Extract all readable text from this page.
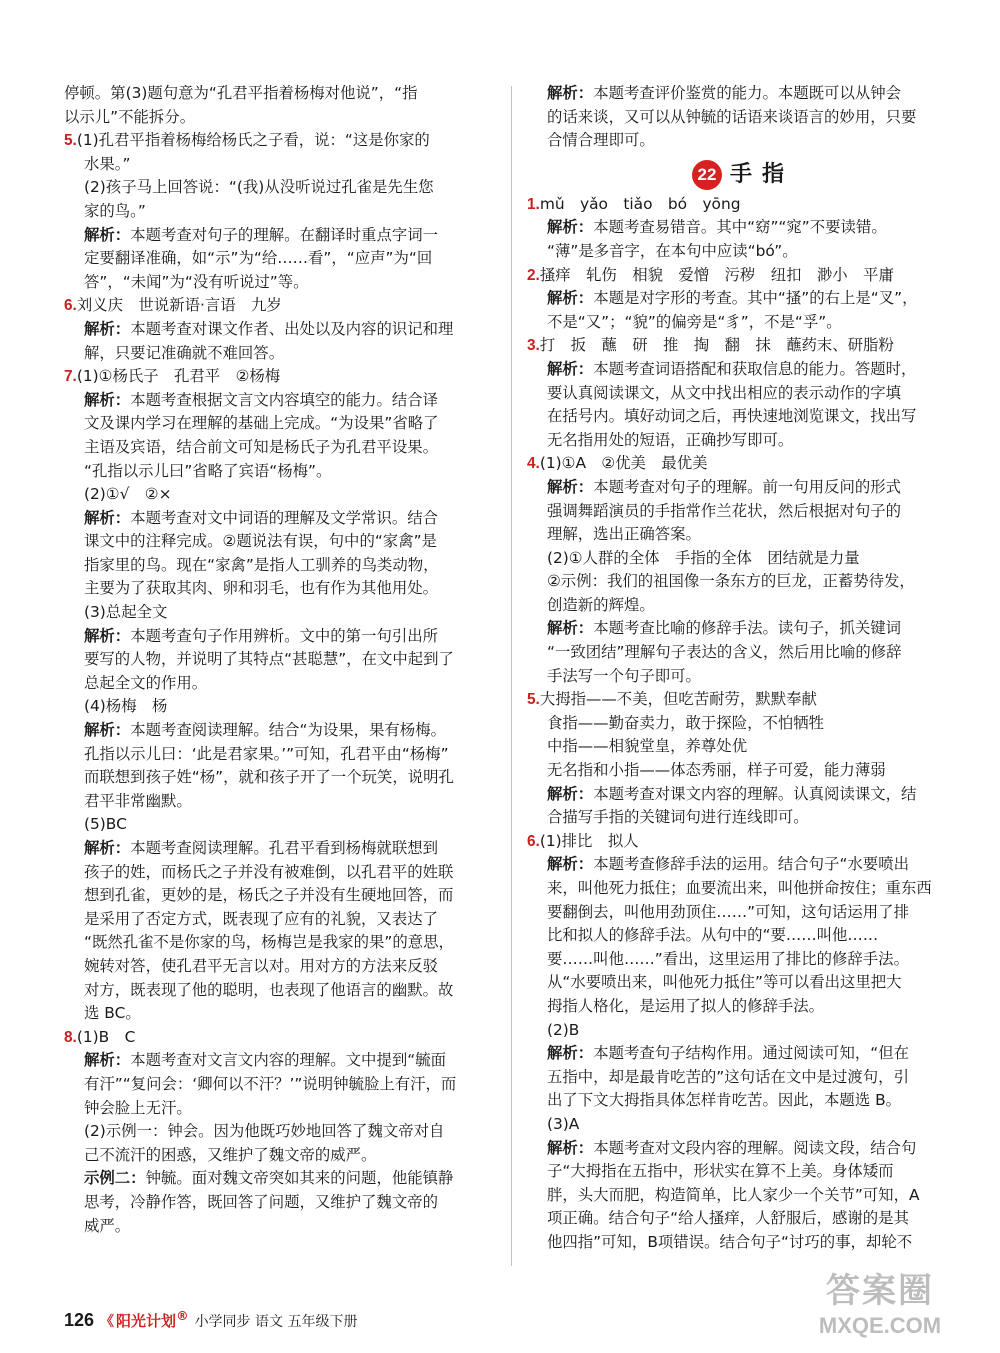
停顿。第(3)题句意为“孔君平指着杨梅对他说”，“指

以示儿”不能拆分。

5.(1)孔君平指着杨梅给杨氏之子看，说：“这是你家的

水果。”

(2)孩子马上回答说：“(我)从没听说过孔雀是先生您

家的鸟。”

解析：本题考查对句子的理解。在翻译时重点字词一

定要翻译准确，如“示”为“给……看”，“应声”为“回

答”，“未闻”为“没有听说过”等。

6.刘义庆　世说新语·言语　九岁

解析：本题考查对课文作者、出处以及内容的识记和理

解，只要记准确就不难回答。

7.(1)①杨氏子　孔君平　②杨梅

解析：本题考查根据文言文内容填空的能力。结合译

文及课内学习在理解的基础上完成。“为设果”省略了

主语及宾语，结合前文可知是杨氏子为孔君平设果。

“孔指以示儿曰”省略了宾语“杨梅”。

(2)①√　②×

解析：本题考查对文中词语的理解及文学常识。结合

课文中的注释完成。②题说法有误，句中的“家禽”是

指家里的鸟。现在“家禽”是指人工驯养的鸟类动物，

主要为了获取其肉、卵和羽毛，也有作为其他用处。

(3)总起全文

解析：本题考查句子作用辨析。文中的第一句引出所

要写的人物，并说明了其特点“甚聪慧”，在文中起到了

总起全文的作用。

(4)杨梅　杨

解析：本题考查阅读理解。结合“为设果，果有杨梅。

孔指以示儿曰：‘此是君家果。’”可知，孔君平由“杨梅”

而联想到孩子姓“杨”，就和孩子开了一个玩笑，说明孔

君平非常幽默。

(5)BC

解析：本题考查阅读理解。孔君平看到杨梅就联想到

孩子的姓，而杨氏之子并没有被难倒，以孔君平的姓联

想到孔雀，更妙的是，杨氏之子并没有生硬地回答，而

是采用了否定方式，既表现了应有的礼貌，又表达了

“既然孔雀不是你家的鸟，杨梅岂是我家的果”的意思，

婉转对答，使孔君平无言以对。用对方的方法来反驳

对方，既表现了他的聪明，也表现了他语言的幽默。故

选 BC。

8.(1)B　C

解析：本题考查对文言文内容的理解。文中提到“毓面

有汗”“复问会：‘卿何以不汗？’”说明钟毓脸上有汗，而

钟会脸上无汗。

(2)示例一：钟会。因为他既巧妙地回答了魏文帝对自

己不流汗的困惑，又维护了魏文帝的威严。

示例二：钟毓。面对魏文帝突如其来的问题，他能镇静

思考，冷静作答，既回答了问题，又维护了魏文帝的

威严。

解析：本题考查评价鉴赏的能力。本题既可以从钟会

的话来谈，又可以从钟毓的话语来谈语言的妙用，只要

合情合理即可。

22 手指

1.mǔ　yǎo　tiǎo　bó　yōng

解析：本题考查易错音。其中“窈”“窕”不要读错。

“薄”是多音字，在本句中应读“bó”。

2.搔痒　轧伤　相貌　爱憎　污秽　纽扣　渺小　平庸

解析：本题是对字形的考查。其中“搔”的右上是“叉”，

不是“又”；“貌”的偏旁是“豸”，不是“孚”。

3.打　扳　蘸　研　推　掏　翻　抹　蘸药末、研脂粉

解析：本题考查词语搭配和获取信息的能力。答题时，

要认真阅读课文，从文中找出相应的表示动作的字填

在括号内。填好动词之后，再快速地浏览课文，找出写

无名指用处的短语，正确抄写即可。

4.(1)①A　②优美　最优美

解析：本题考查对句子的理解。前一句用反问的形式

强调舞蹈演员的手指常作兰花状，然后根据对句子的

理解，选出正确答案。

(2)①人群的全体　手指的全体　团结就是力量

②示例：我们的祖国像一条东方的巨龙，正蓄势待发，

创造新的辉煌。

解析：本题考查比喻的修辞手法。读句子，抓关键词

“一致团结”理解句子表达的含义，然后用比喻的修辞

手法写一个句子即可。

5.大拇指——不美，但吃苦耐劳，默默奉献

食指——勤奋卖力，敢于探险，不怕牺牲

中指——相貌堂皇，养尊处优

无名指和小指——体态秀丽，样子可爱，能力薄弱

解析：本题考查对课文内容的理解。认真阅读课文，结

合描写手指的关键词句进行连线即可。

6.(1)排比　拟人

解析：本题考查修辞手法的运用。结合句子“水要喷出

来，叫他死力抵住；血要流出来，叫他拼命按住；重东西

要翻倒去，叫他用劲顶住……”可知，这句话运用了排

比和拟人的修辞手法。从句中的“要……叫他……

要……叫他……”看出，这里运用了排比的修辞手法。

从“水要喷出来，叫他死力抵住”等可以看出这里把大

拇指人格化，是运用了拟人的修辞手法。

(2)B

解析：本题考查句子结构作用。通过阅读可知，“但在

五指中，却是最肯吃苦的”这句话在文中是过渡句，引

出了下文大拇指具体怎样肯吃苦。因此，本题选 B。

(3)A

解析：本题考查对文段内容的理解。阅读文段，结合句

子“大拇指在五指中，形状实在算不上美。身体矮而

胖，头大而肥，构造简单，比人家少一个关节”可知，A

项正确。结合句子“给人搔痒，人舒服后，感谢的是其

他四指”可知，B项错误。结合句子“讨巧的事，却轮不

126 《 阳光计划® 小学同步 语文 五年级下册
答案圈
MXQE.COM
